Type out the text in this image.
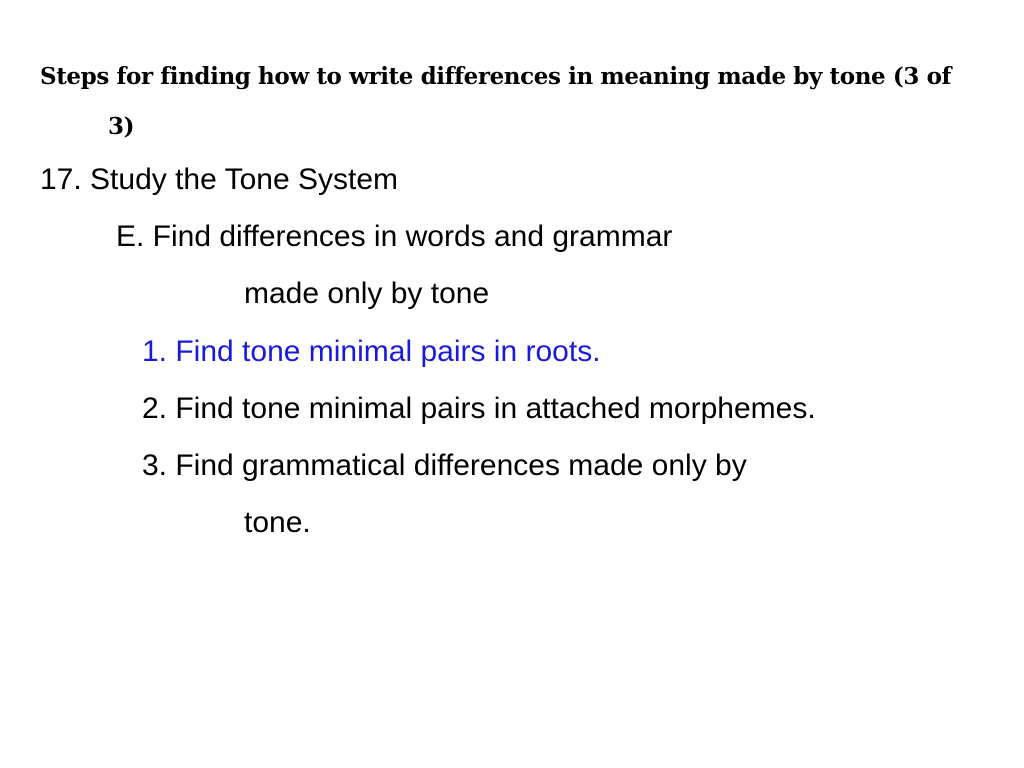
Steps for finding how to write differences in meaning made by tone (3 of
3)
17. Study the Tone System
E. Find differences in words and grammar
made only by tone
1. Find tone minimal pairs in roots.
2. Find tone minimal pairs in attached morphemes.
3. Find grammatical differences made only by
tone.
